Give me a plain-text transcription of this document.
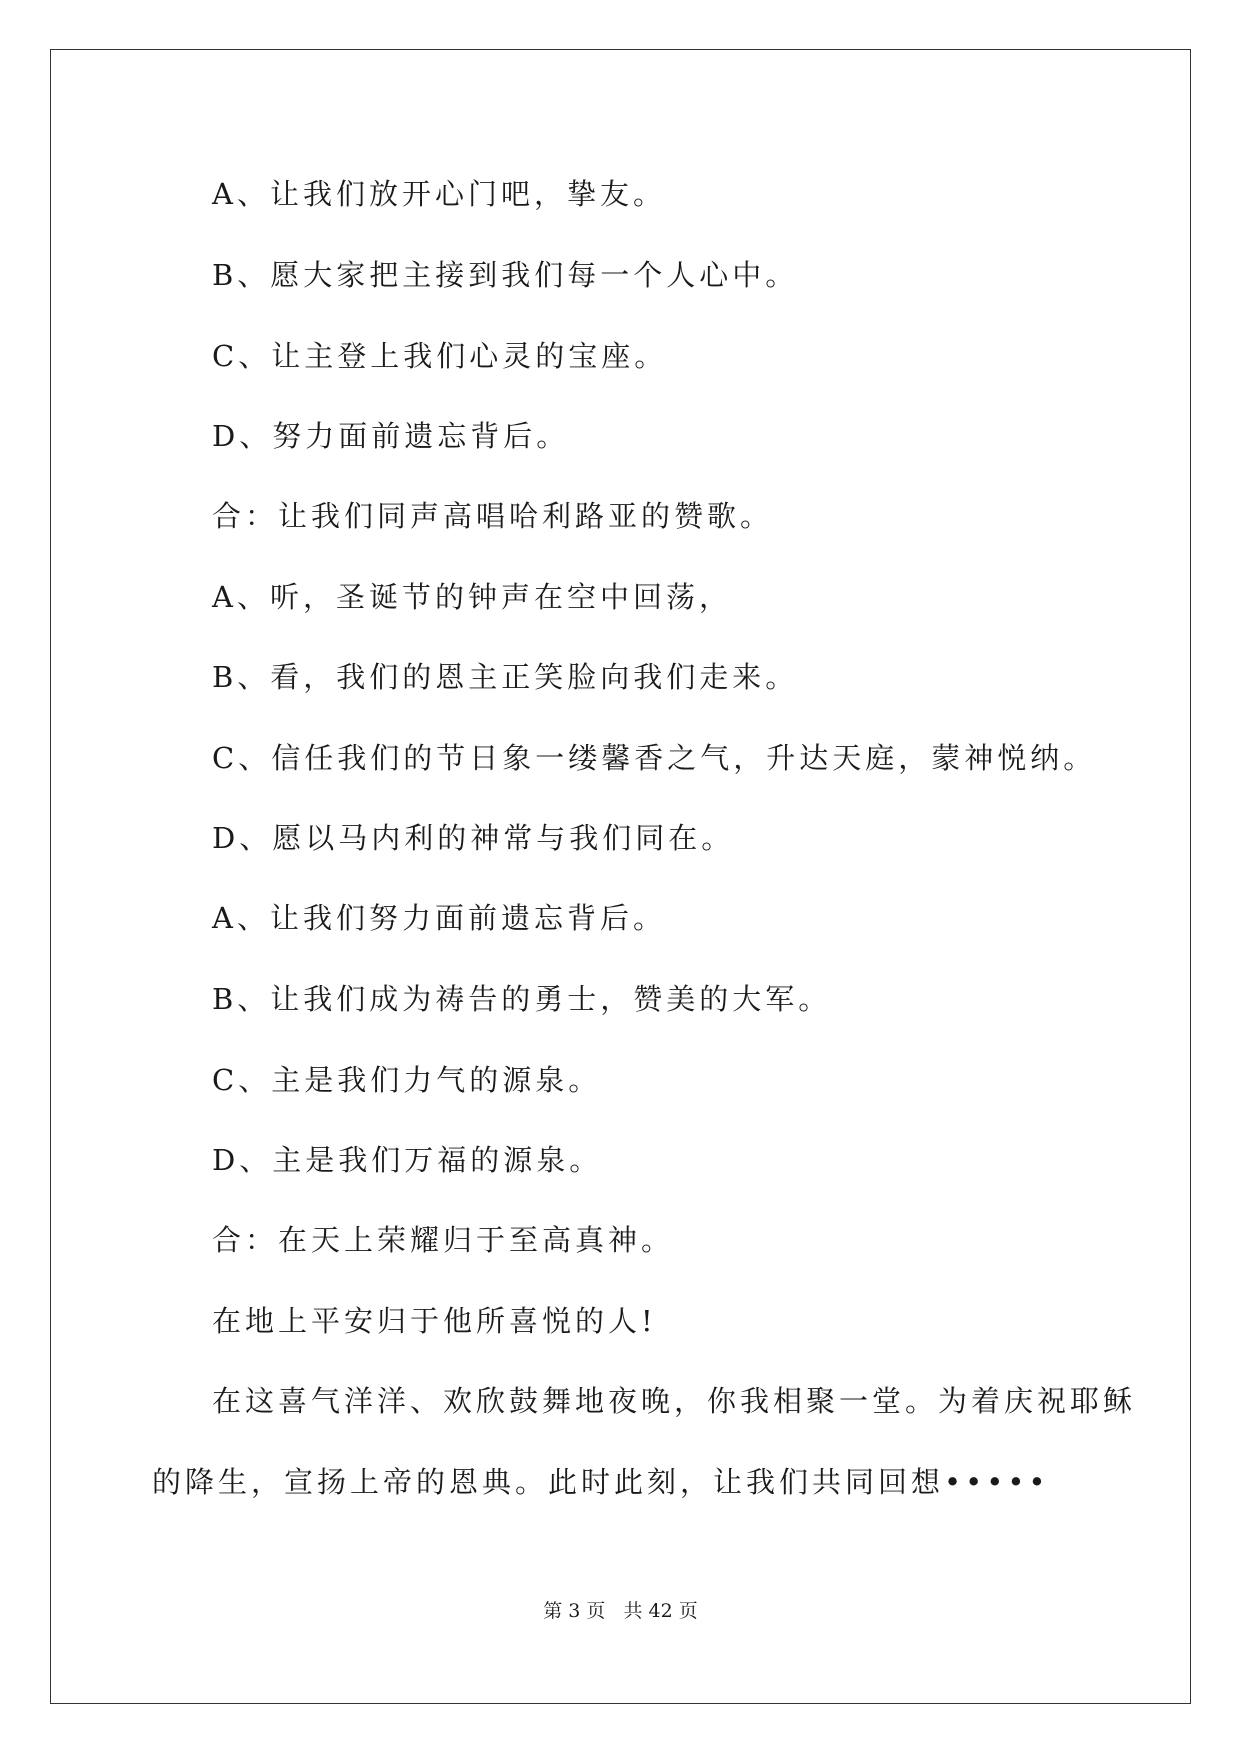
A、让我们放开心门吧，挚友。
B、愿大家把主接到我们每一个人心中。
C、让主登上我们心灵的宝座。
D、努力面前遗忘背后。
合：让我们同声高唱哈利路亚的赞歌。
A、听，圣诞节的钟声在空中回荡，
B、看，我们的恩主正笑脸向我们走来。
C、信任我们的节日象一缕馨香之气，升达天庭，蒙神悦纳。
D、愿以马内利的神常与我们同在。
A、让我们努力面前遗忘背后。
B、让我们成为祷告的勇士，赞美的大军。
C、主是我们力气的源泉。
D、主是我们万福的源泉。
合：在天上荣耀归于至高真神。
在地上平安归于他所喜悦的人!
在这喜气洋洋、欢欣鼓舞地夜晚，你我相聚一堂。为着庆祝耶稣
的降生，宣扬上帝的恩典。此时此刻，让我们共同回想•••••
第 3 页   共 42 页
